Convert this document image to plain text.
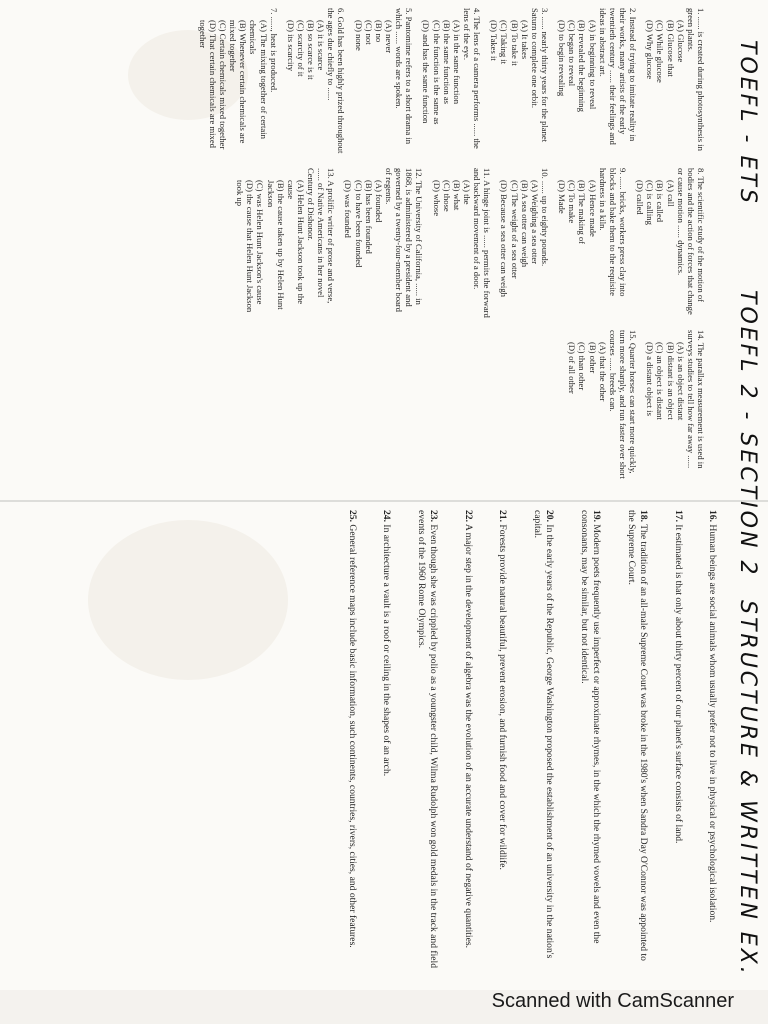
TOEFL - ETS
TOEFL 2 - SECTION 2
STRUCTURE & WRITTEN EX.
1. ...... is created during photosynthesis in green plants.
(A) Glucose
(B) Glucose that
(C) While glucose
(D) Why glucose
2. Instead of trying to imitate reality in their works, many artists of the early twentieth century ...... their feelings and ideas in abstract art.
(A) in beginning to reveal
(B) revealed the beginning
(C) began to reveal
(D) to begin revealing
3. ...... nearly thirty years for the planet Saturn to complete one orbit.
(A) It takes
(B) To take it
(C) Taking it
(D) Takes it
4. The lens of a camera performs ...... the lens of the eye.
(A) in the same function
(B) the same function as
(C) the function is the same as
(D) and has the same function
5. Pantomime refers to a short drama in which ...... words are spoken.
(A) never
(B) no
(C) not
(D) none
6. Gold has been highly prized throughout the ages due chiefly to ......
(A) it is scarce
(B) so scarce is it
(C) scarcity of it
(D) its scarcity
7. ......, heat is produced.
(A) The mixing together of certain chemicals
(B) Whenever certain chemicals are mixed together
(C) Certain chemicals mixed together
(D) That certain chemicals are mixed together
8. The scientific study of the motion of bodies and the action of forces that change or cause motion ...... dynamics.
(A) call
(B) is called
(C) is calling
(D) called
9. ...... bricks, workers press clay into blocks and bake them to the requisite hardness in a kiln.
(A) Hence made
(B) The making of
(C) To make
(D) Made
10. ...... up to eighty pounds.
(A) Weighing a sea otter
(B) A sea otter can weigh
(C) The weight of a sea otter
(D) Because a sea otter can weigh
11. A hinge joint is ...... permits the forward and backward movement of a door.
(A) the
(B) what
(C) those
(D) whose
12. The University of California, ...... in 1868, is administered by a president and governed by a twenty-four-member board of regents.
(A) founded
(B) has been founded
(C) to have been founded
(D) was founded
13. A prolific writer of prose and verse, ...... of Native Americans in her novel Century of Dishonor.
(A) Helen Hunt Jackson took up the cause
(B) the cause taken up by Helen Hunt Jackson
(C) was Helen Hunt Jackson's cause
(D) the cause that Helen Hunt Jackson took up
14. The parallax measurement is used in surveys studies to tell how far away ......
(A) is an object distant
(B) distant is an object
(C) an object is distant
(D) a distant object is
15. Quarter horses can start more quickly, turn more sharply, and run faster over short courses ...... breeds can.
(A) that the other
(B) other
(C) than other
(D) of all other
16. Human beings are social animals whom usually prefer not to live in physical or psychological isolation.
17. It estimated is that only about thirty percent of our planet's surface consists of land.
18. The tradition of an all-male Supreme Court was broke in the 1980's when Sandra Day O'Connor was appointed to the Supreme Court.
19. Modern poets frequently use imperfect or approximate rhymes, in the which the rhymed vowels and even the consonants, may be similar, but not identical.
20. In the early years of the Republic, George Washington proposed the establishment of an university in the nation's capital.
21. Forests provide natural beautiful, prevent erosion, and furnish food and cover for wildlife.
22. A major step in the development of algebra was the evolution of an accurate understand of negative quantities.
23. Even though she was crippled by polio as a youngster child, Wilma Rudolph won gold medals in the track and field events of the 1960 Rome Olympics.
24. In architecture a vault is a roof or ceiling in the shapes of an arch.
25. General reference maps include basic information, such continents, countries, rivers, cities, and other features.
Scanned with CamScanner
